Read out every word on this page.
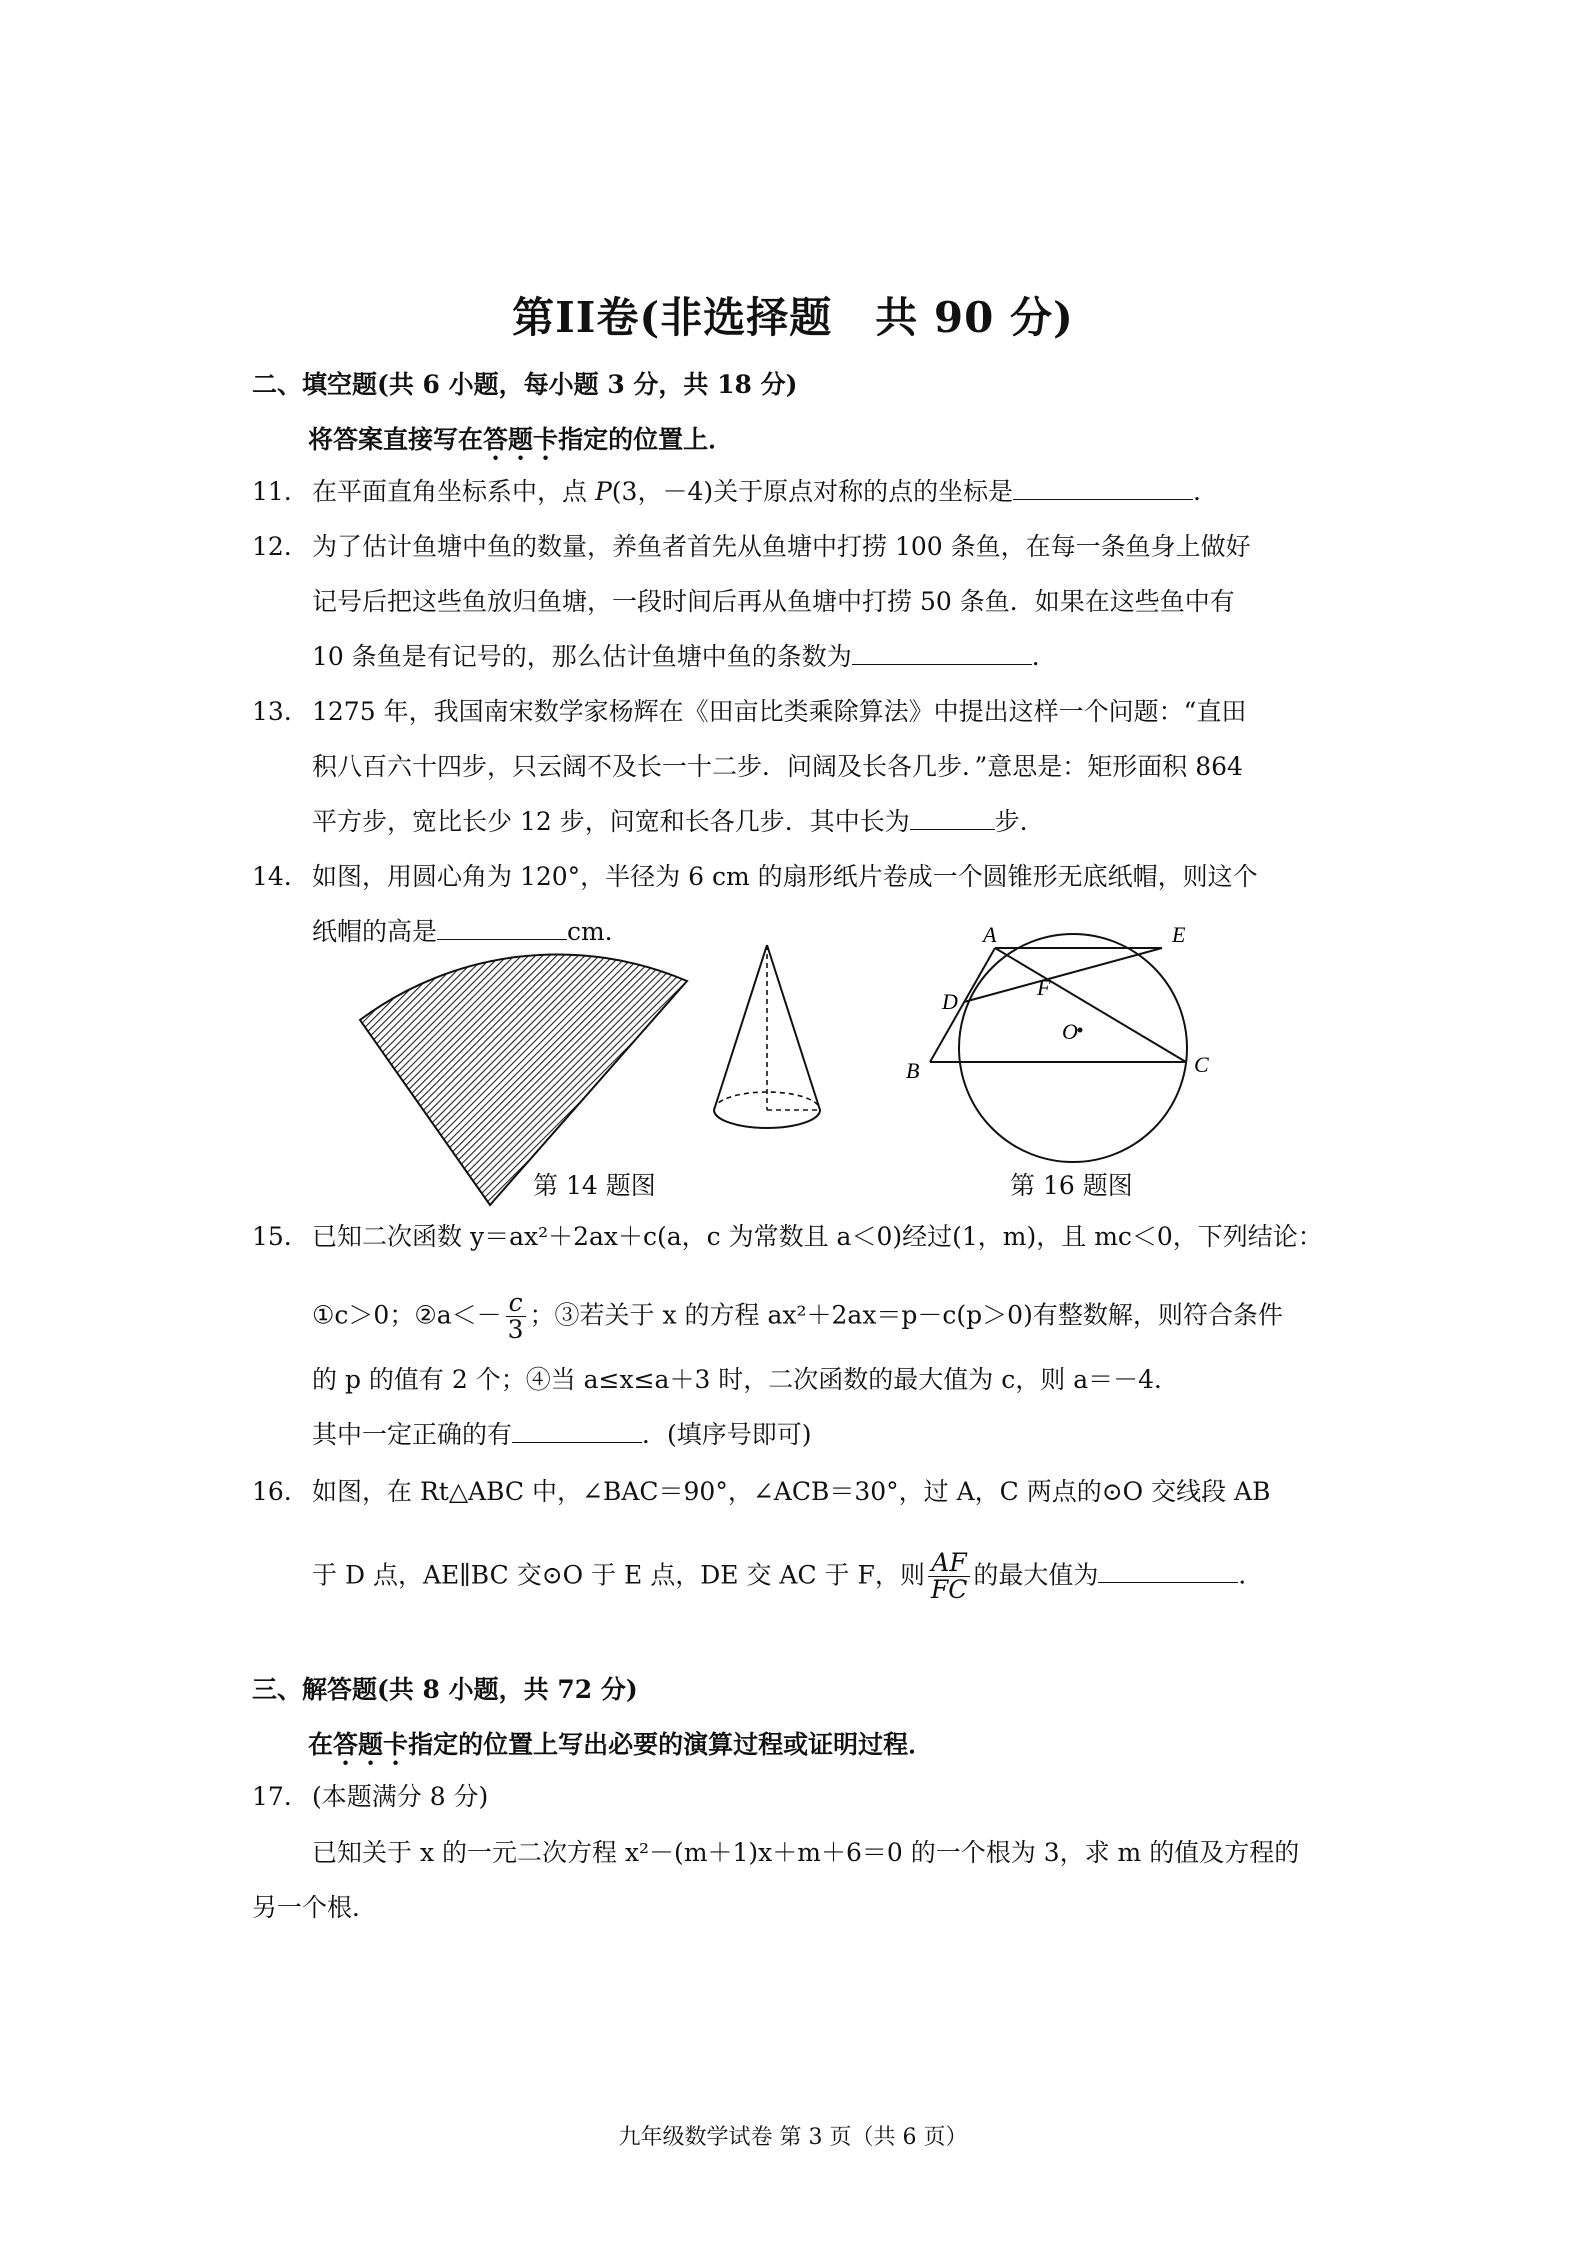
第II卷(非选择题　共 90 分)
二、填空题(共 6 小题，每小题 3 分，共 18 分)
将答案直接写在答题卡指定的位置上．
11. 在平面直角坐标系中，点 P(3，－4)关于原点对称的点的坐标是	．
12. 为了估计鱼塘中鱼的数量，养鱼者首先从鱼塘中打捞 100 条鱼，在每一条鱼身上做好
记号后把这些鱼放归鱼塘，一段时间后再从鱼塘中打捞 50 条鱼．如果在这些鱼中有
10 条鱼是有记号的，那么估计鱼塘中鱼的条数为	．
13. 1275 年，我国南宋数学家杨辉在《田亩比类乘除算法》中提出这样一个问题：“直田
积八百六十四步，只云阔不及长一十二步．问阔及长各几步．”意思是：矩形面积 864
平方步，宽比长少 12 步，问宽和长各几步．其中长为	步．
14. 如图，用圆心角为 120°，半径为 6 cm 的扇形纸片卷成一个圆锥形无底纸帽，则这个
纸帽的高是	cm．	A	E
D
F
O
B	C
第 14 题图	第 16 题图
15. 已知二次函数 y＝ax²＋2ax＋c(a，c 为常数且 a＜0)经过(1，m)，且 mc＜0，下列结论：
①c＞0；②a＜－ $\frac{c}{3}$ ；③若关于 x 的方程 ax²＋2ax＝p－c(p＞0)有整数解，则符合条件
的 p 的值有 2 个；④当 a≤x≤a＋3 时，二次函数的最大值为 c，则 a＝－4．
其中一定正确的有	．(填序号即可)
16. 如图，在 Rt△ABC 中，∠BAC＝90°，∠ACB＝30°，过 A，C 两点的⊙O 交线段 AB
于 D 点，AE∥BC 交⊙O 于 E 点，DE 交 AC 于 F，则 $\frac{AF}{FC}$ 的最大值为	．
三、解答题(共 8 小题，共 72 分)
在答题卡指定的位置上写出必要的演算过程或证明过程．
17. (本题满分 8 分)
已知关于 x 的一元二次方程 x²－(m＋1)x＋m＋6＝0 的一个根为 3，求 m 的值及方程的
另一个根．
九年级数学试卷 第 3 页（共 6 页）
